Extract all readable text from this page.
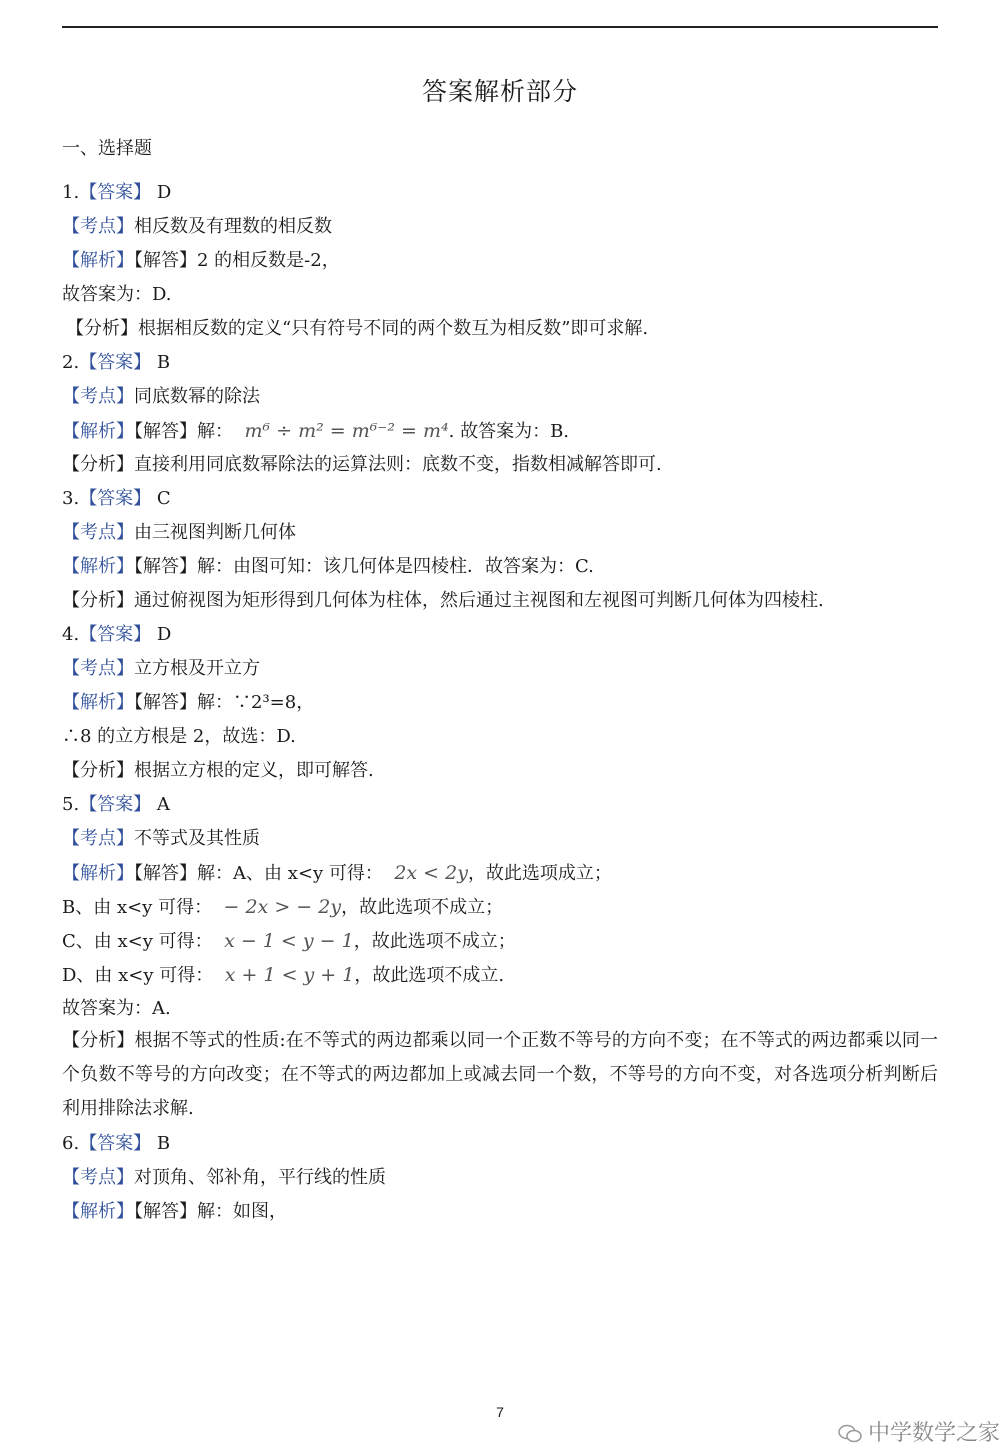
答案解析部分
一、选择题
1.【答案】 D
【考点】相反数及有理数的相反数
【解析】【解答】2 的相反数是-2，
故答案为：D.
【分析】根据相反数的定义“只有符号不同的两个数互为相反数”即可求解.
2.【答案】 B
【考点】同底数幂的除法
【解析】【解答】解： m⁶ ÷ m² = m⁶⁻² = m⁴. 故答案为：B.
【分析】直接利用同底数幂除法的运算法则：底数不变，指数相减解答即可.
3.【答案】 C
【考点】由三视图判断几何体
【解析】【解答】解：由图可知：该几何体是四棱柱．故答案为：C.
【分析】通过俯视图为矩形得到几何体为柱体，然后通过主视图和左视图可判断几何体为四棱柱.
4.【答案】 D
【考点】立方根及开立方
【解析】【解答】解：∵2³=8，
∴8 的立方根是 2，故选：D.
【分析】根据立方根的定义，即可解答.
5.【答案】 A
【考点】不等式及其性质
【解析】【解答】解：A、由 x<y 可得： 2x < 2y，故此选项成立；
B、由 x<y 可得： − 2x > − 2y，故此选项不成立；
C、由 x<y 可得： x − 1 < y − 1，故此选项不成立；
D、由 x<y 可得： x + 1 < y + 1，故此选项不成立.
故答案为：A.
【分析】根据不等式的性质:在不等式的两边都乘以同一个正数不等号的方向不变；在不等式的两边都乘以同一个负数不等号的方向改变；在不等式的两边都加上或减去同一个数，不等号的方向不变，对各选项分析判断后利用排除法求解.
6.【答案】 B
【考点】对顶角、邻补角，平行线的性质
【解析】【解答】解：如图，
7
中学数学之家
